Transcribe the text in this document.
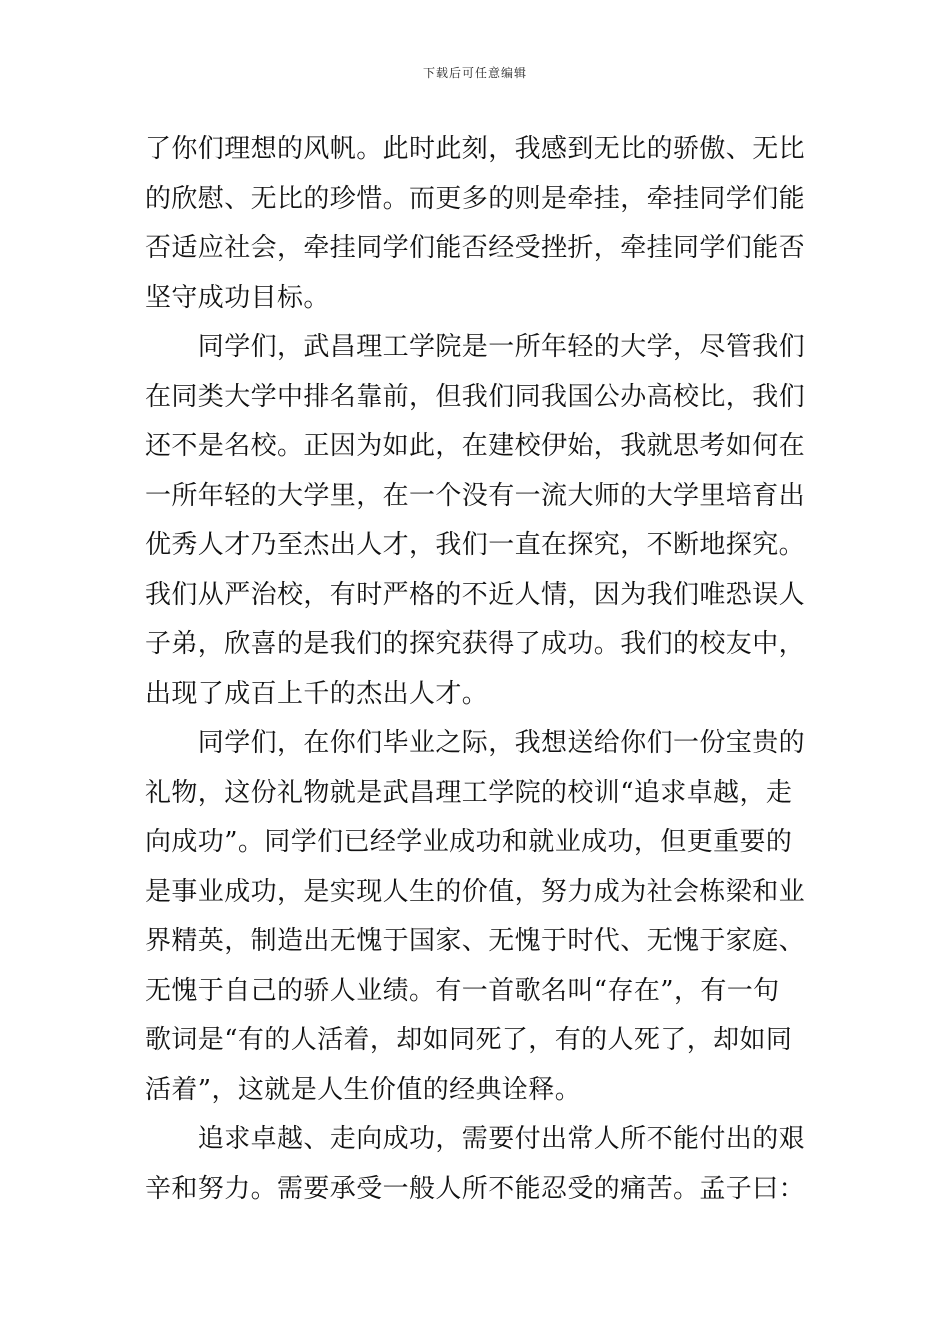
下载后可任意编辑
了你们理想的风帆。此时此刻，我感到无比的骄傲、无比
的欣慰、无比的珍惜。而更多的则是牵挂，牵挂同学们能
否适应社会，牵挂同学们能否经受挫折，牵挂同学们能否
坚守成功目标。
　　同学们，武昌理工学院是一所年轻的大学，尽管我们
在同类大学中排名靠前，但我们同我国公办高校比，我们
还不是名校。正因为如此，在建校伊始，我就思考如何在
一所年轻的大学里，在一个没有一流大师的大学里培育出
优秀人才乃至杰出人才，我们一直在探究，不断地探究。
我们从严治校，有时严格的不近人情，因为我们唯恐误人
子弟，欣喜的是我们的探究获得了成功。我们的校友中，
出现了成百上千的杰出人才。
　　同学们，在你们毕业之际，我想送给你们一份宝贵的
礼物，这份礼物就是武昌理工学院的校训“追求卓越，走
向成功”。同学们已经学业成功和就业成功，但更重要的
是事业成功，是实现人生的价值，努力成为社会栋梁和业
界精英，制造出无愧于国家、无愧于时代、无愧于家庭、
无愧于自己的骄人业绩。有一首歌名叫“存在”，有一句
歌词是“有的人活着，却如同死了，有的人死了，却如同
活着”，这就是人生价值的经典诠释。
　　追求卓越、走向成功，需要付出常人所不能付出的艰
辛和努力。需要承受一般人所不能忍受的痛苦。孟子曰：
